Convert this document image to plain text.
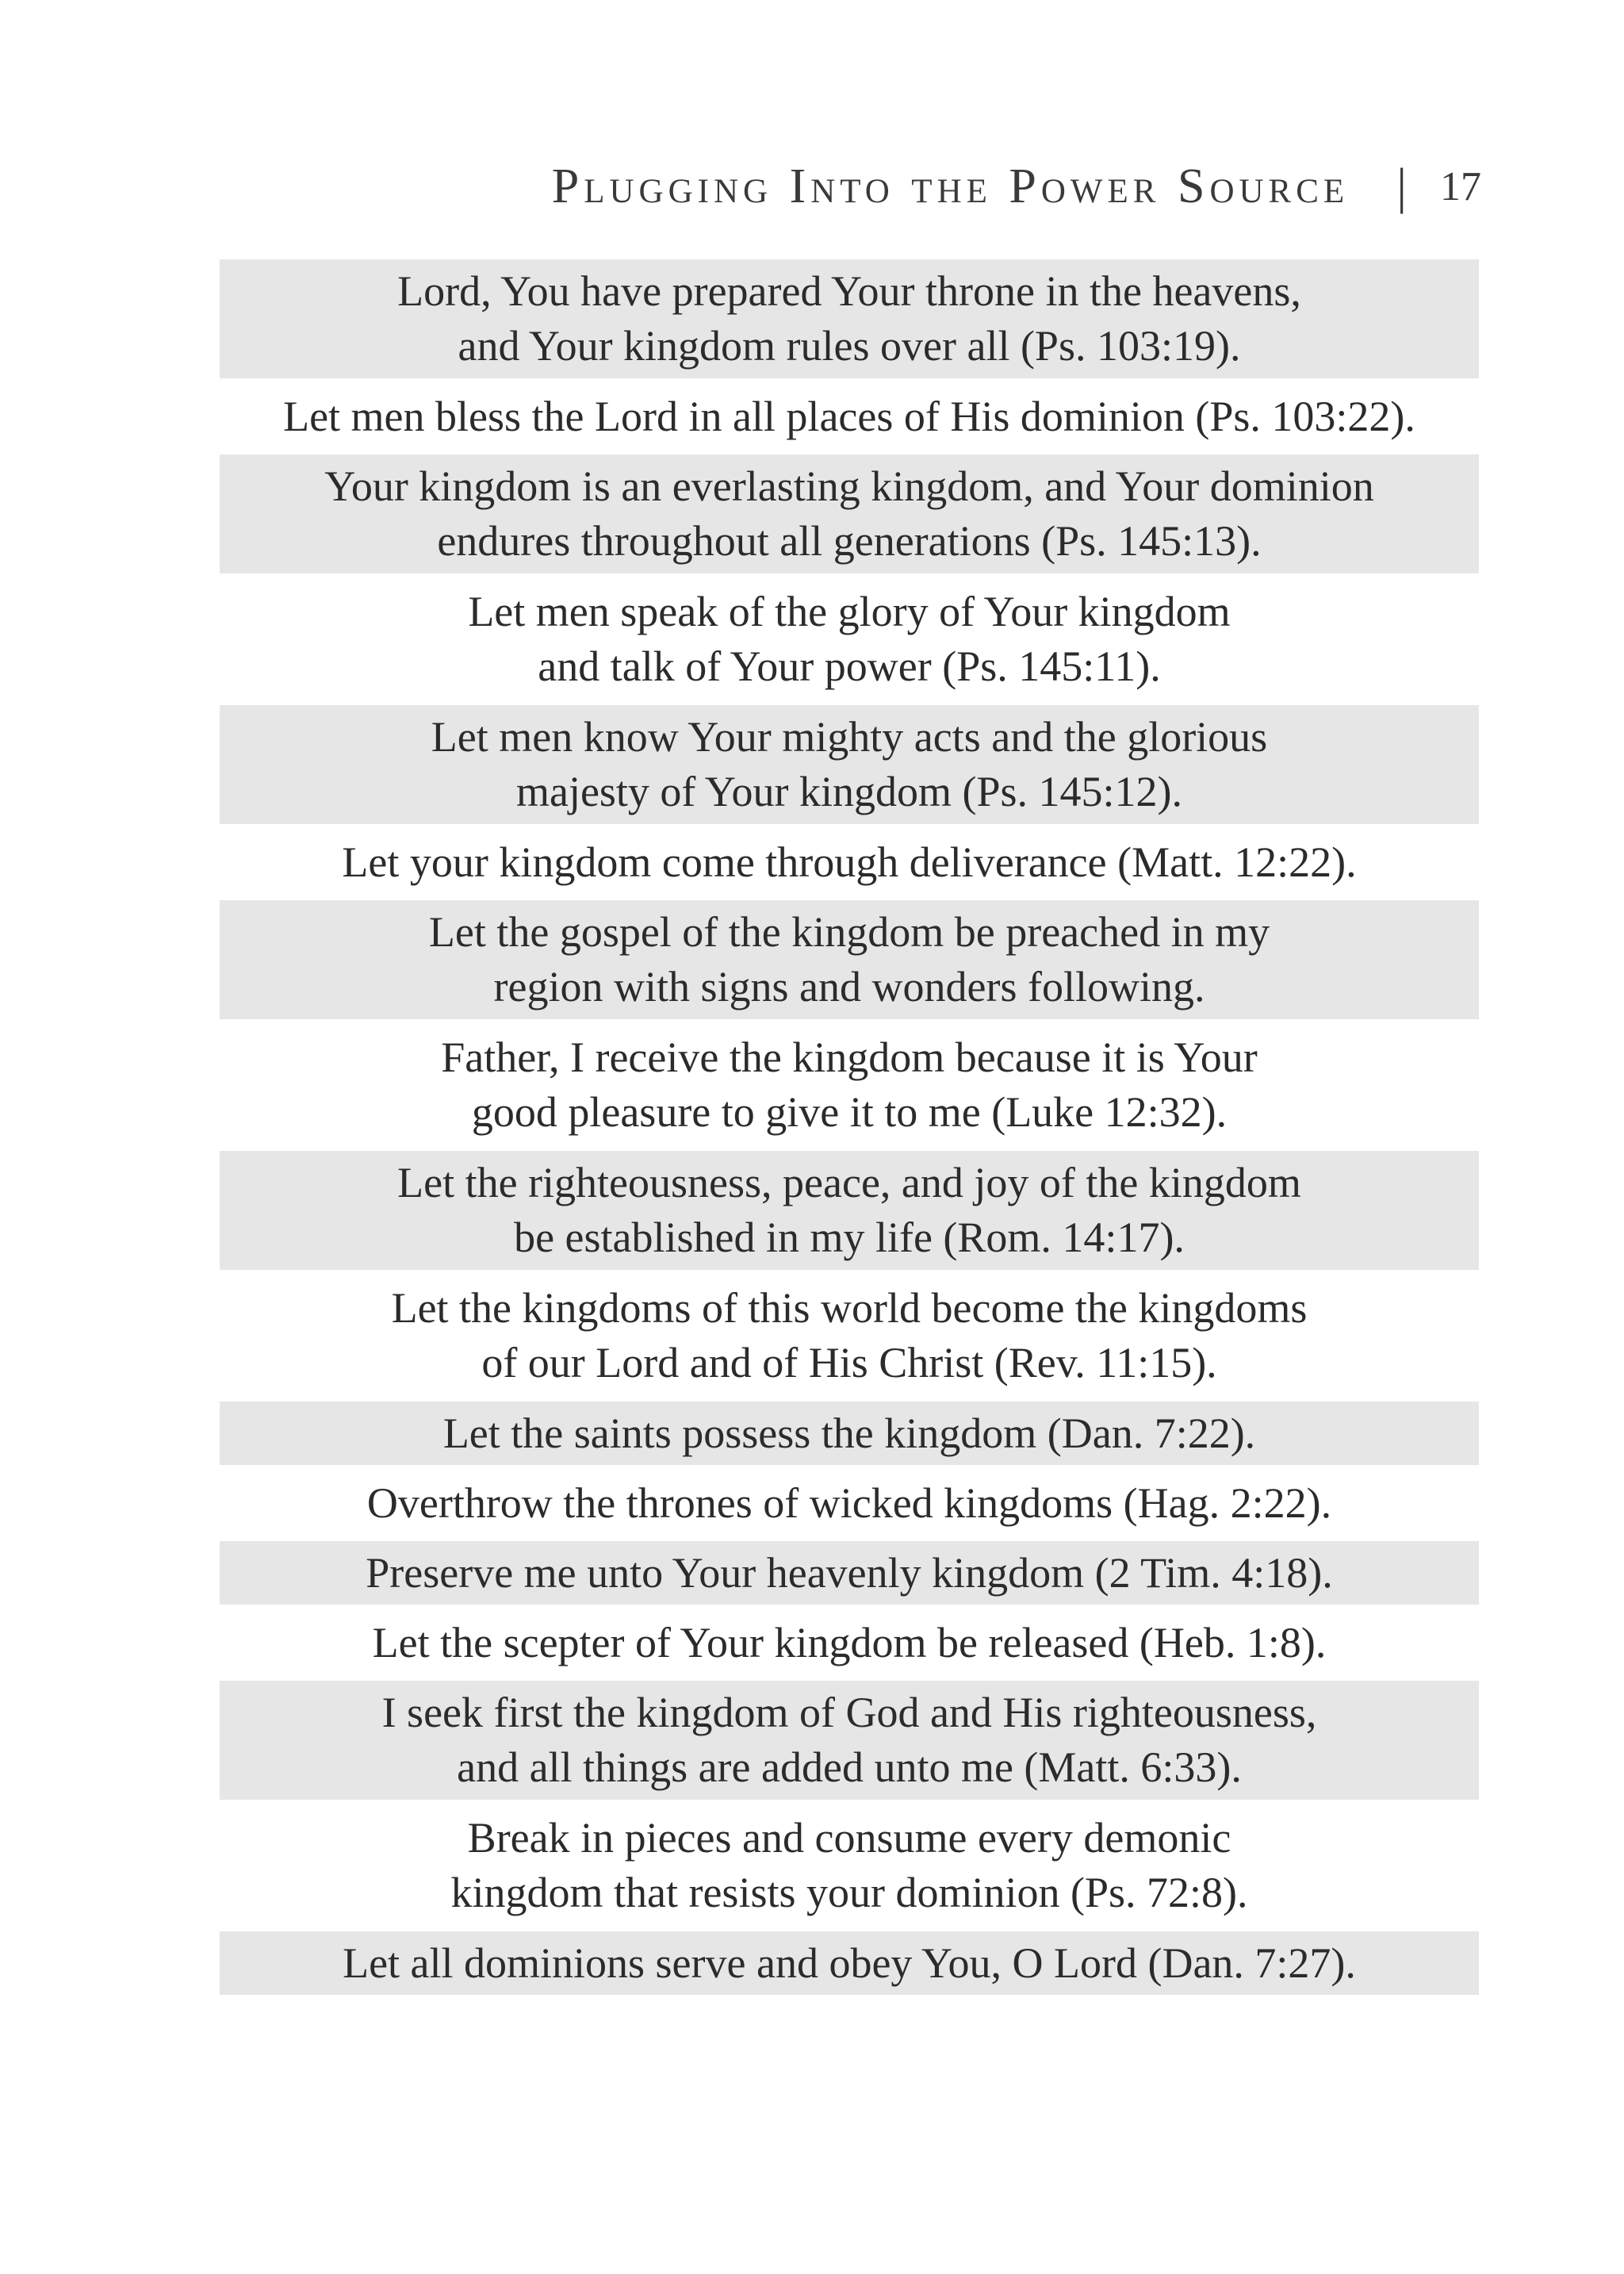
Plugging Into the Power Source | 17
Lord, You have prepared Your throne in the heavens,
and Your kingdom rules over all (Ps. 103:19).
Let men bless the Lord in all places of His dominion (Ps. 103:22).
Your kingdom is an everlasting kingdom, and Your dominion
endures throughout all generations (Ps. 145:13).
Let men speak of the glory of Your kingdom
and talk of Your power (Ps. 145:11).
Let men know Your mighty acts and the glorious
majesty of Your kingdom (Ps. 145:12).
Let your kingdom come through deliverance (Matt. 12:22).
Let the gospel of the kingdom be preached in my
region with signs and wonders following.
Father, I receive the kingdom because it is Your
good pleasure to give it to me (Luke 12:32).
Let the righteousness, peace, and joy of the kingdom
be established in my life (Rom. 14:17).
Let the kingdoms of this world become the kingdoms
of our Lord and of His Christ (Rev. 11:15).
Let the saints possess the kingdom (Dan. 7:22).
Overthrow the thrones of wicked kingdoms (Hag. 2:22).
Preserve me unto Your heavenly kingdom (2 Tim. 4:18).
Let the scepter of Your kingdom be released (Heb. 1:8).
I seek first the kingdom of God and His righteousness,
and all things are added unto me (Matt. 6:33).
Break in pieces and consume every demonic
kingdom that resists your dominion (Ps. 72:8).
Let all dominions serve and obey You, O Lord (Dan. 7:27).
